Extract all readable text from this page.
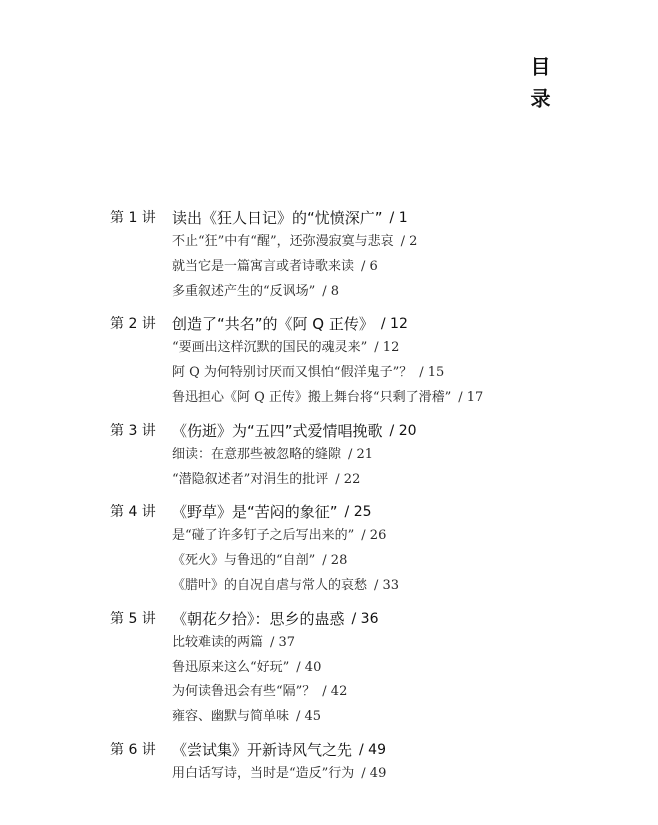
目录
第 1 讲	读出《狂人日记》的“忧愤深广” / 1
不止“狂”中有“醒”，还弥漫寂寞与悲哀 / 2
就当它是一篇寓言或者诗歌来读 / 6
多重叙述产生的“反讽场” / 8
第 2 讲	创造了“共名”的《阿 Q 正传》 / 12
“要画出这样沉默的国民的魂灵来” / 12
阿 Q 为何特别讨厌而又惧怕“假洋鬼子”？ / 15
鲁迅担心《阿 Q 正传》搬上舞台将“只剩了滑稽” / 17
第 3 讲	《伤逝》为“五四”式爱情唱挽歌 / 20
细读：在意那些被忽略的缝隙 / 21
“潜隐叙述者”对涓生的批评 / 22
第 4 讲	《野草》是“苦闷的象征” / 25
是“碰了许多钉子之后写出来的” / 26
《死火》与鲁迅的“自剖” / 28
《腊叶》的自况自虐与常人的哀愁 / 33
第 5 讲	《朝花夕拾》：思乡的蛊惑 / 36
比较难读的两篇 / 37
鲁迅原来这么“好玩” / 40
为何读鲁迅会有些“隔”？ / 42
雍容、幽默与简单味 / 45
第 6 讲	《尝试集》开新诗风气之先 / 49
用白话写诗，当时是“造反”行为 / 49
